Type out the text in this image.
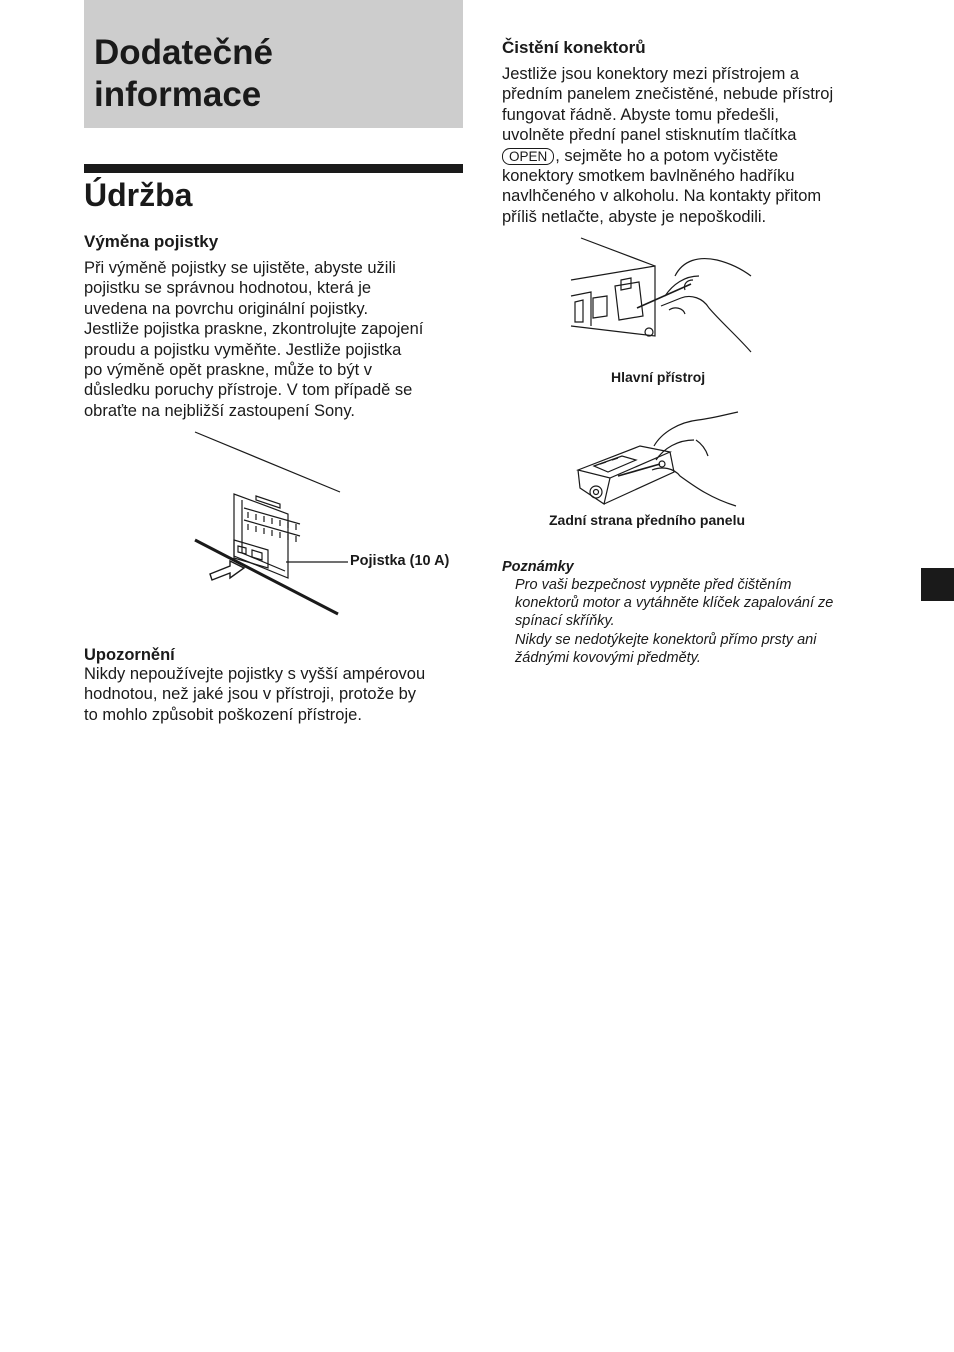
Dodatečné
informace
Údržba
Výměna pojistky

Při výměně pojistky se ujistěte, abyste užili
pojistku se správnou hodnotou, která je
uvedena na povrchu originální pojistky.
Jestliže pojistka praskne, zkontrolujte zapojení
proudu a pojistku vyměňte. Jestliže pojistka
po výměně opět praskne, může to být v
důsledku poruchy přístroje. V tom případě se
obraťte na nejbližší zastoupení Sony.

Pojistka (10 A)

Upozornění

Nikdy nepoužívejte pojistky s vyšší ampérovou
hodnotou, než jaké jsou v přístroji, protože by
to mohlo způsobit poškození přístroje.

Čistění konektorů

Jestliže jsou konektory mezi přístrojem a
předním panelem znečistěné, nebude přístroj
fungovat řádně. Abyste tomu předešli,
uvolněte přední panel stisknutím tlačítka
OPEN , sejměte ho a potom vyčistěte
konektory smotkem bavlněného hadříku
navlhčeného v alkoholu. Na kontakty přitom
příliš netlačte, abyste je nepoškodili.

Hlavní přístroj

Zadní strana předního panelu

Poznámky

Pro vaši bezpečnost vypněte před čištěním
konektorů motor a vytáhněte klíček zapalování ze
spínací skříňky.
Nikdy se nedotýkejte konektorů přímo prsty ani
žádnými kovovými předměty.
